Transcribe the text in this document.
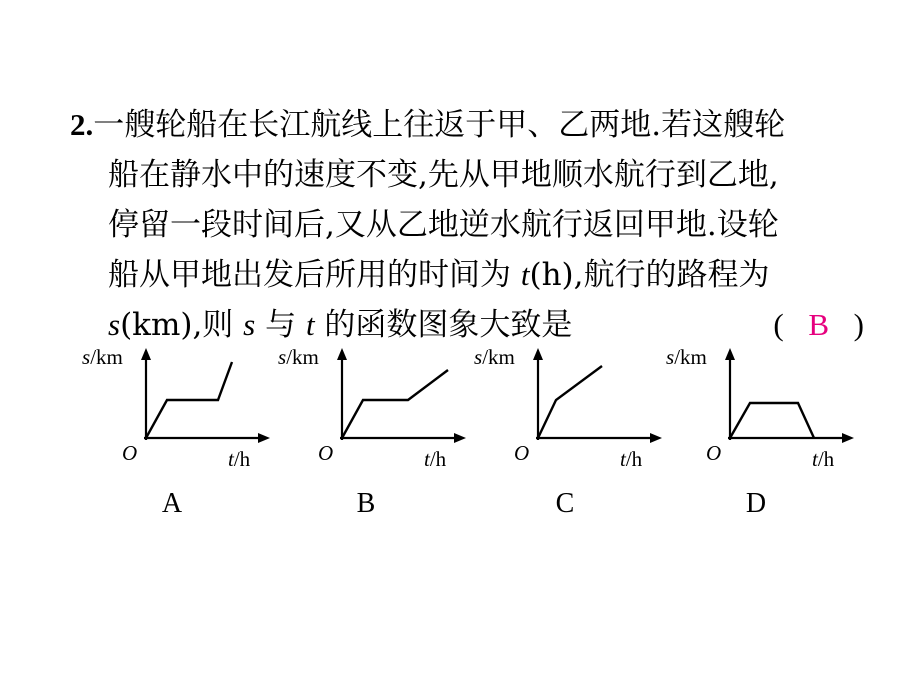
2.一艘轮船在长江航线上往返于甲、乙两地.若这艘轮
船在静水中的速度不变,先从甲地顺水航行到乙地,
停留一段时间后,又从乙地逆水航行返回甲地.设轮
船从甲地出发后所用的时间为 t(h),航行的路程为
s(km),则 s 与 t 的函数图象大致是	( B )
s/km
O	t/h
s/km
O	t/h
s/km
O	t/h
s/km
O	t/h
A	B	C	D
